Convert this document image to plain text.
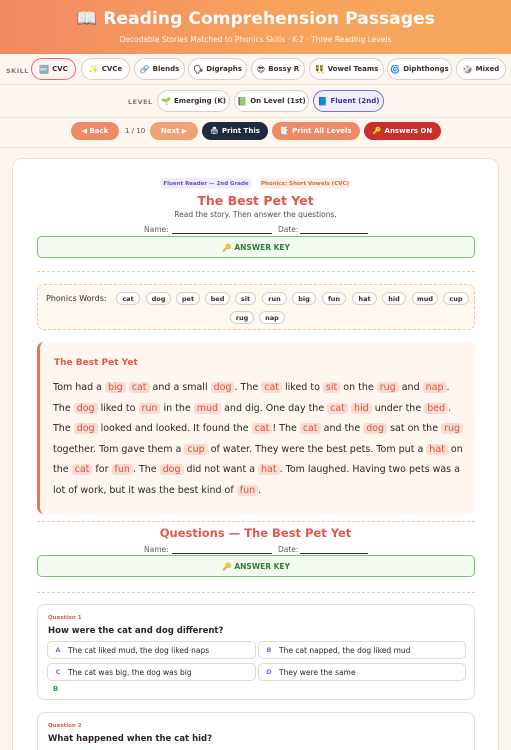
📖 Reading Comprehension Passages
Decodable Stories Matched to Phonics Skills · K-2 · Three Reading Levels
SKILL 🔤 CVC	✨ CVCe 🔗 Blends 🗣 Digraphs 😎 Bossy R 👯 Vowel Teams 🌀 Diphthongs 🎲 Mixed
LEVEL 🌱 Emerging (K) 📗 On Level (1st) 📘 Fluent (2nd)
◀ Back	1 / 10	Next ▶	🖨️ Print This	📑 Print All Levels	🔑 Answers ON
Fluent Reader — 2nd Grade	Phonics: Short Vowels (CVC)
The Best Pet Yet
Read the story. Then answer the questions.
Name:	Date:
🔑 ANSWER KEY
Phonics Words:	cat	dog	pet	bed	sit	run	big	fun	hat	hid	mud	cup
rug	nap
The Best Pet Yet
Tom had a big cat and a small dog . The cat liked to sit on the rug and nap . The dog liked to run in the mud and dig. One day the cat hid under the bed . The dog looked and looked. It found the cat ! The cat and the dog sat on the rug together. Tom gave them a cup of water. They were the best pets. Tom put a hat on the cat for fun . The dog did not want a hat . Tom laughed. Having two pets was a lot of work, but it was the best kind of fun .
Questions — The Best Pet Yet
Name:	Date:
🔑 ANSWER KEY
Question 1
How were the cat and dog different?
A The cat liked mud, the dog liked naps	B	The cat napped, the dog liked mud
C	The cat was big, the dog was big	D They were the same
B
Question 2
What happened when the cat hid?
